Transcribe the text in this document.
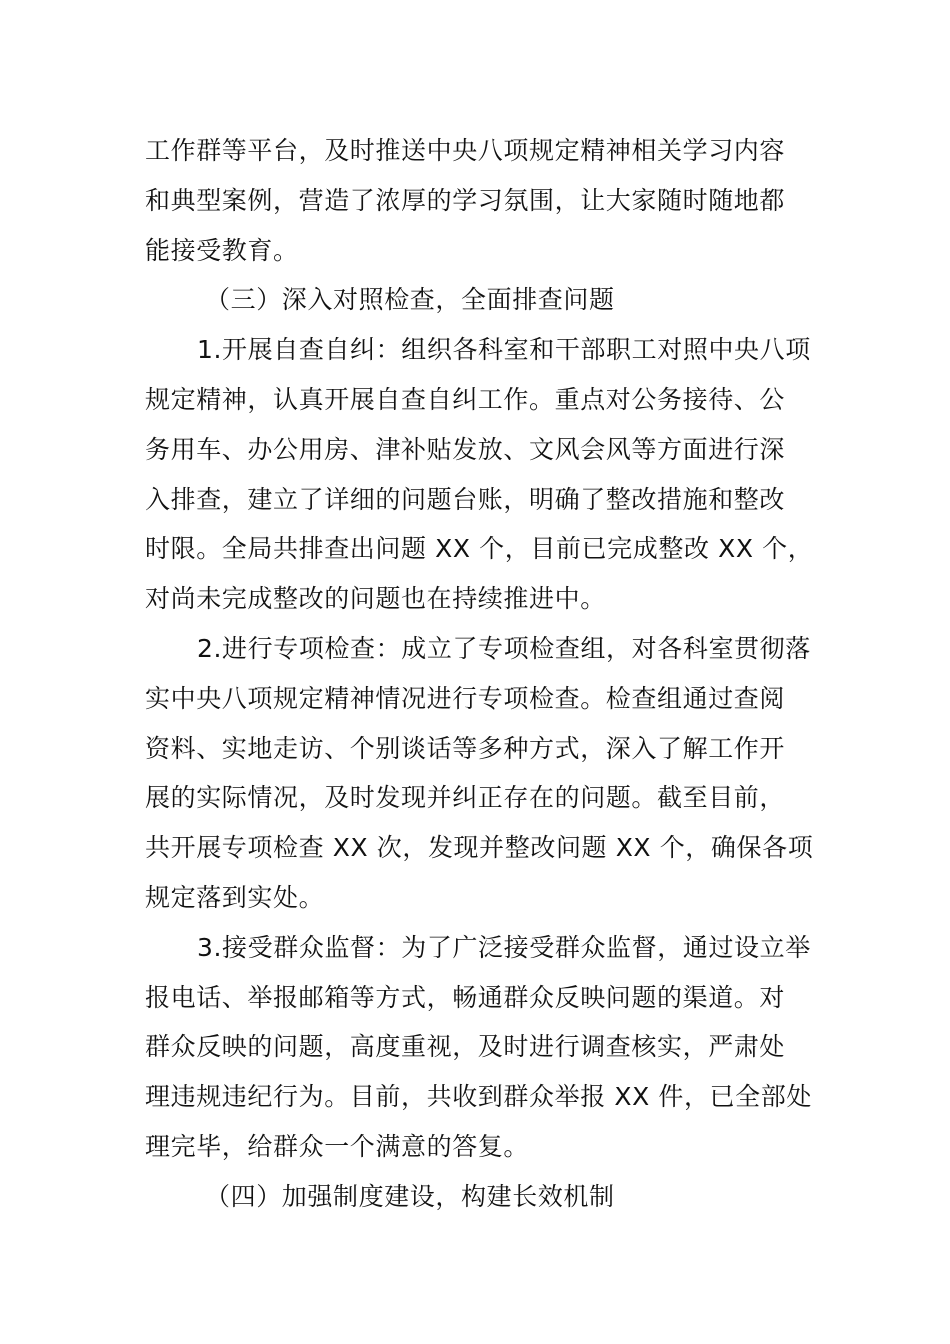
工作群等平台，及时推送中央八项规定精神相关学习内容
和典型案例，营造了浓厚的学习氛围，让大家随时随地都
能接受教育。
（三）深入对照检查，全面排查问题
1.开展自查自纠：组织各科室和干部职工对照中央八项
规定精神，认真开展自查自纠工作。重点对公务接待、公
务用车、办公用房、津补贴发放、文风会风等方面进行深
入排查，建立了详细的问题台账，明确了整改措施和整改
时限。全局共排查出问题 XX 个，目前已完成整改 XX 个，
对尚未完成整改的问题也在持续推进中。
2.进行专项检查：成立了专项检查组，对各科室贯彻落
实中央八项规定精神情况进行专项检查。检查组通过查阅
资料、实地走访、个别谈话等多种方式，深入了解工作开
展的实际情况，及时发现并纠正存在的问题。截至目前，
共开展专项检查 XX 次，发现并整改问题 XX 个，确保各项
规定落到实处。
3.接受群众监督：为了广泛接受群众监督，通过设立举
报电话、举报邮箱等方式，畅通群众反映问题的渠道。对
群众反映的问题，高度重视，及时进行调查核实，严肃处
理违规违纪行为。目前，共收到群众举报 XX 件，已全部处
理完毕，给群众一个满意的答复。
（四）加强制度建设，构建长效机制
